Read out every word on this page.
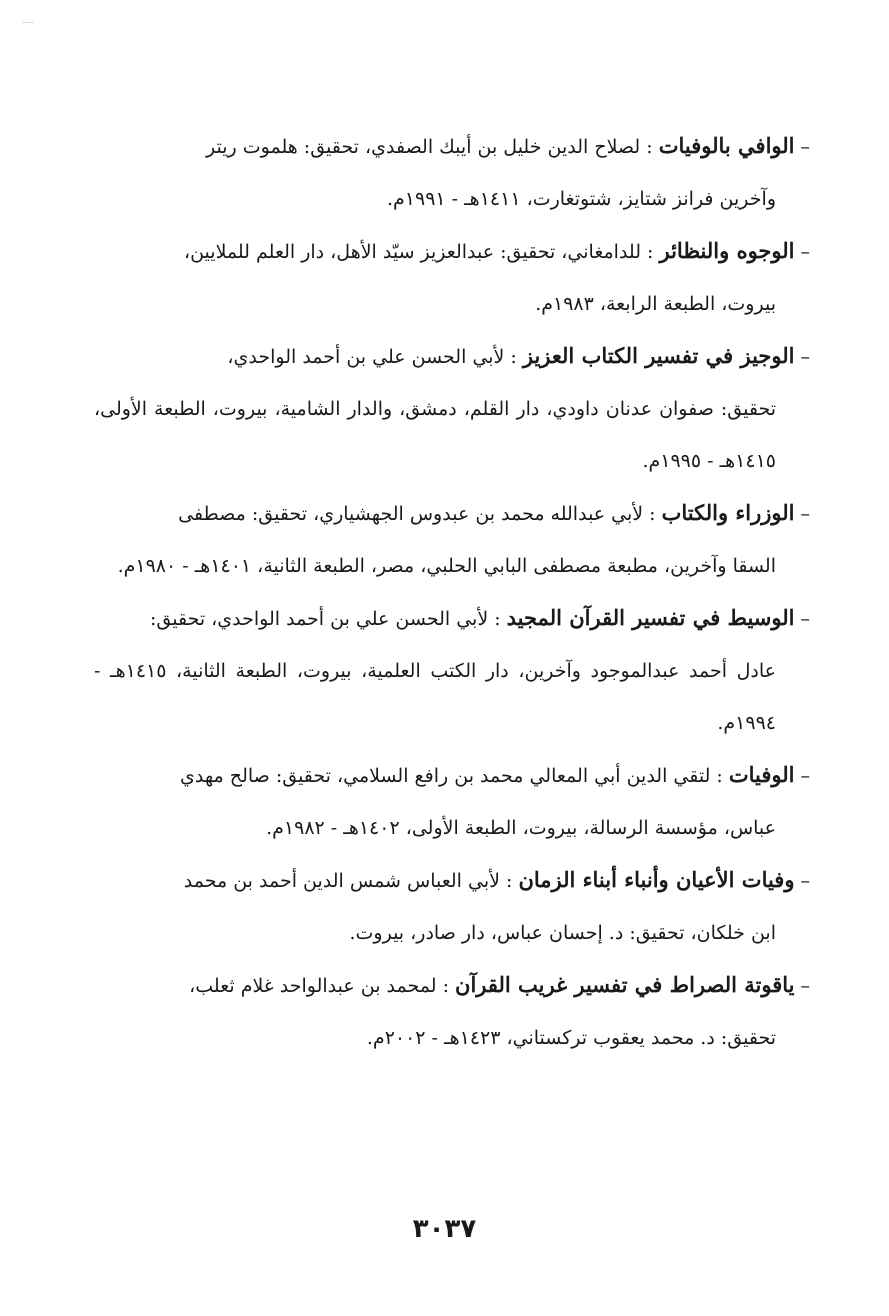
–الوافي بالوفيات : لصلاح الدين خليل بن أيبك الصفدي، تحقيق: هلموت ريتر
وآخرين فرانز شتايز، شتوتغارت، ١٤١١هـ - ١٩٩١م.

–الوجوه والنظائر : للدامغاني، تحقيق: عبدالعزيز سيّد الأهل، دار العلم للملايين،
بيروت، الطبعة الرابعة، ١٩٨٣م.

–الوجيز في تفسير الكتاب العزيز : لأبي الحسن علي بن أحمد الواحدي،
تحقيق: صفوان عدنان داودي، دار القلم، دمشق، والدار الشامية، بيروت، الطبعة الأولى، ١٤١٥هـ - ١٩٩٥م.

–الوزراء والكتاب : لأبي عبدالله محمد بن عبدوس الجهشياري، تحقيق: مصطفى
السقا وآخرين، مطبعة مصطفى البابي الحلبي، مصر، الطبعة الثانية، ١٤٠١هـ - ١٩٨٠م.

–الوسيط في تفسير القرآن المجيد : لأبي الحسن علي بن أحمد الواحدي، تحقيق:
عادل أحمد عبدالموجود وآخرين، دار الكتب العلمية، بيروت، الطبعة الثانية، ١٤١٥هـ - ١٩٩٤م.

–الوفيات : لتقي الدين أبي المعالي محمد بن رافع السلامي، تحقيق: صالح مهدي
عباس، مؤسسة الرسالة، بيروت، الطبعة الأولى، ١٤٠٢هـ - ١٩٨٢م.

–وفيات الأعيان وأنباء أبناء الزمان : لأبي العباس شمس الدين أحمد بن محمد
ابن خلكان، تحقيق: د. إحسان عباس، دار صادر، بيروت.

–ياقوتة الصراط في تفسير غريب القرآن : لمحمد بن عبدالواحد غلام ثعلب،
تحقيق: د. محمد يعقوب تركستاني، ١٤٢٣هـ - ٢٠٠٢م.

٣٠٣٧
